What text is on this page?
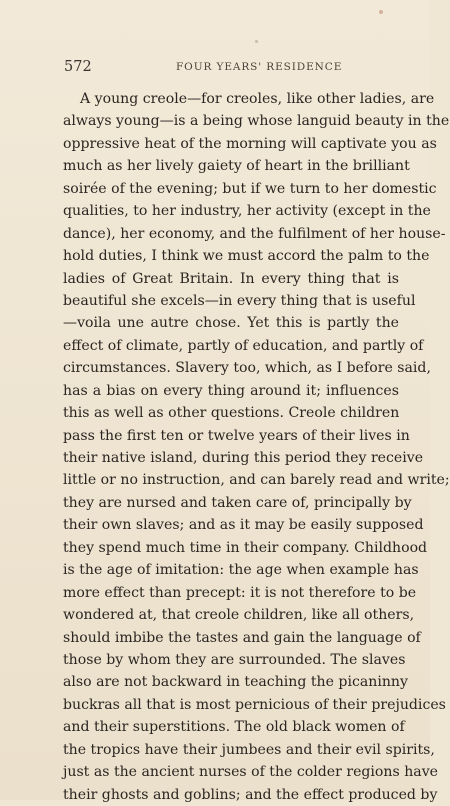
572	FOUR YEARS' RESIDENCE
A young creole—for creoles, like other ladies, are
always young—is a being whose languid beauty in the
oppressive heat of the morning will captivate you as
much as her lively gaiety of heart in the brilliant
soirée of the evening; but if we turn to her domestic
qualities, to her industry, her activity (except in the
dance), her economy, and the fulfilment of her house-
hold duties, I think we must accord the palm to the
ladies of Great Britain. In every thing that is
beautiful she excels—in every thing that is useful
—voila une autre chose. Yet this is partly the
effect of climate, partly of education, and partly of
circumstances. Slavery too, which, as I before said,
has a bias on every thing around it; influences
this as well as other questions. Creole children
pass the first ten or twelve years of their lives in
their native island, during this period they receive
little or no instruction, and can barely read and write;
they are nursed and taken care of, principally by
their own slaves; and as it may be easily supposed
they spend much time in their company. Childhood
is the age of imitation: the age when example has
more effect than precept: it is not therefore to be
wondered at, that creole children, like all others,
should imbibe the tastes and gain the language of
those by whom they are surrounded. The slaves
also are not backward in teaching the picaninny
buckras all that is most pernicious of their prejudices
and their superstitions. The old black women of
the tropics have their jumbees and their evil spirits,
just as the ancient nurses of the colder regions have
their ghosts and goblins; and the effect produced by
